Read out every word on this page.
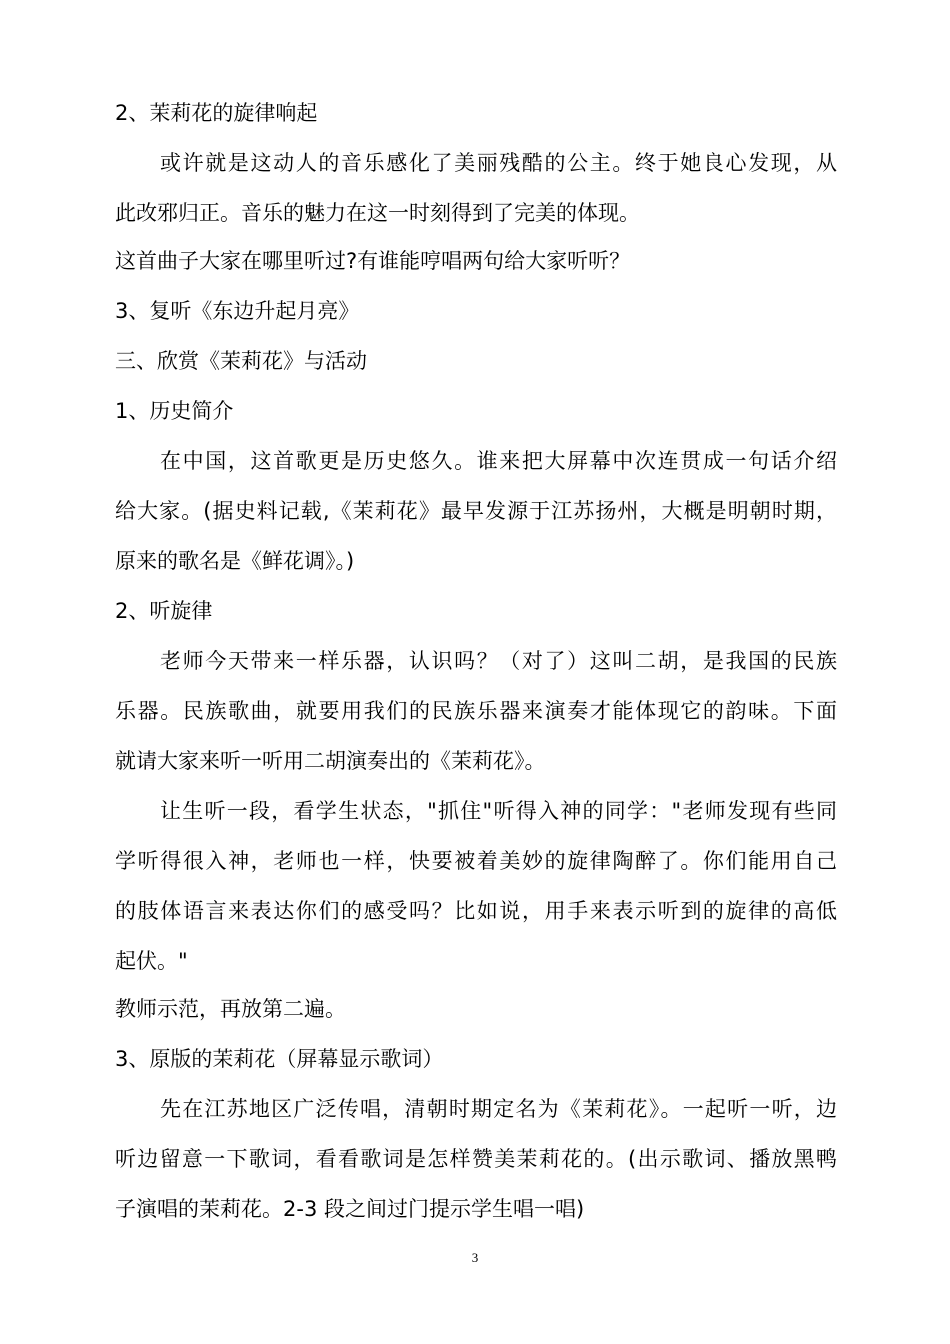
2、茉莉花的旋律响起
或许就是这动人的音乐感化了美丽残酷的公主。终于她良心发现，从
此改邪归正。音乐的魅力在这一时刻得到了完美的体现。
这首曲子大家在哪里听过?有谁能哼唱两句给大家听听？
3、复听《东边升起月亮》
三、欣赏《茉莉花》与活动
1、历史简介
在中国，这首歌更是历史悠久。谁来把大屏幕中次连贯成一句话介绍
给大家。(据史料记载,《茉莉花》最早发源于江苏扬州，大概是明朝时期，
原来的歌名是《鲜花调》。)
2、听旋律
老师今天带来一样乐器，认识吗？（对了）这叫二胡，是我国的民族
乐器。民族歌曲，就要用我们的民族乐器来演奏才能体现它的韵味。下面
就请大家来听一听用二胡演奏出的《茉莉花》。
让生听一段，看学生状态，"抓住"听得入神的同学："老师发现有些同
学听得很入神，老师也一样，快要被着美妙的旋律陶醉了。你们能用自己
的肢体语言来表达你们的感受吗？比如说，用手来表示听到的旋律的高低
起伏。"
教师示范，再放第二遍。
3、原版的茉莉花（屏幕显示歌词）
先在江苏地区广泛传唱，清朝时期定名为《茉莉花》。一起听一听，边
听边留意一下歌词，看看歌词是怎样赞美茉莉花的。(出示歌词、播放黑鸭
子演唱的茉莉花。2-3 段之间过门提示学生唱一唱)
3
